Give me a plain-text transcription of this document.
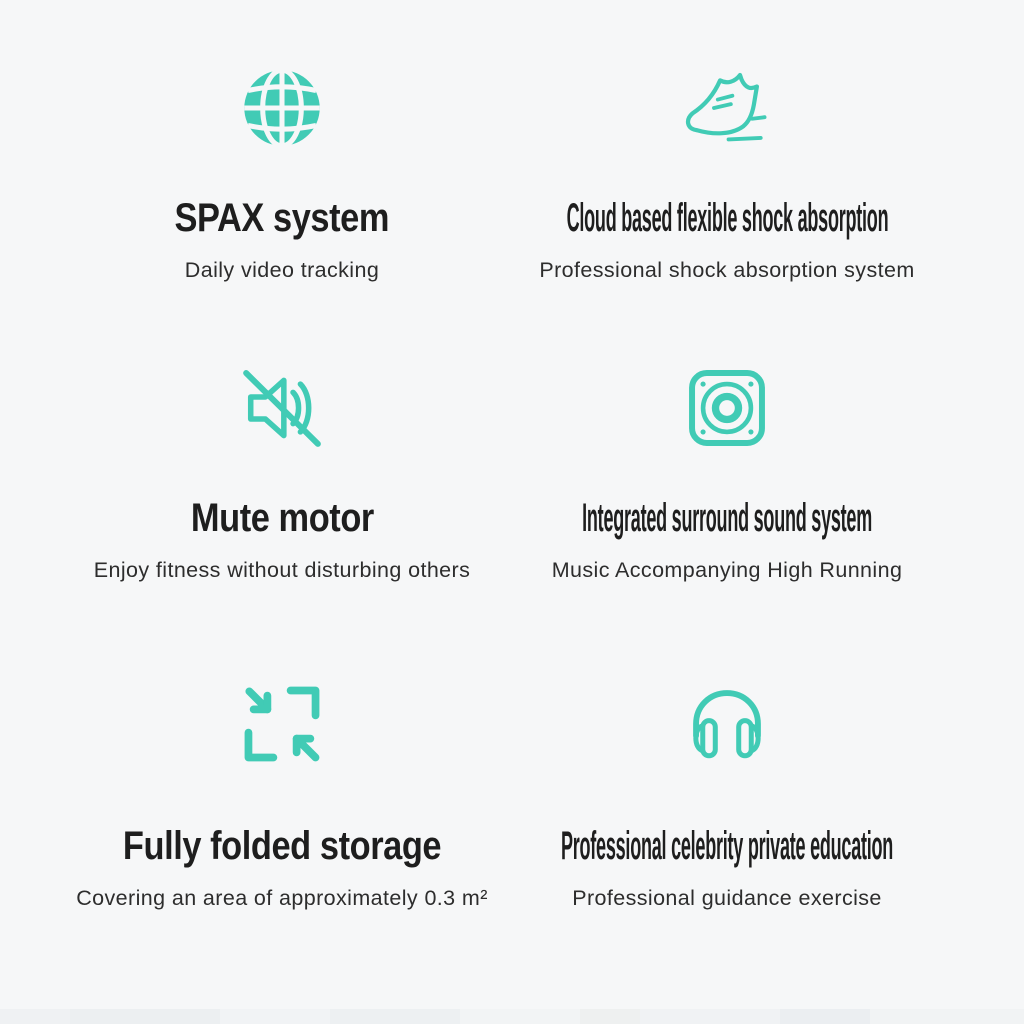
SPAX system
Daily video tracking
Cloud based flexible shock absorption
Professional shock absorption system
Mute motor
Enjoy fitness without disturbing others
Integrated surround sound system
Music Accompanying High Running
Fully folded storage
Covering an area of approximately 0.3 m²
Professional celebrity private education
Professional guidance exercise
